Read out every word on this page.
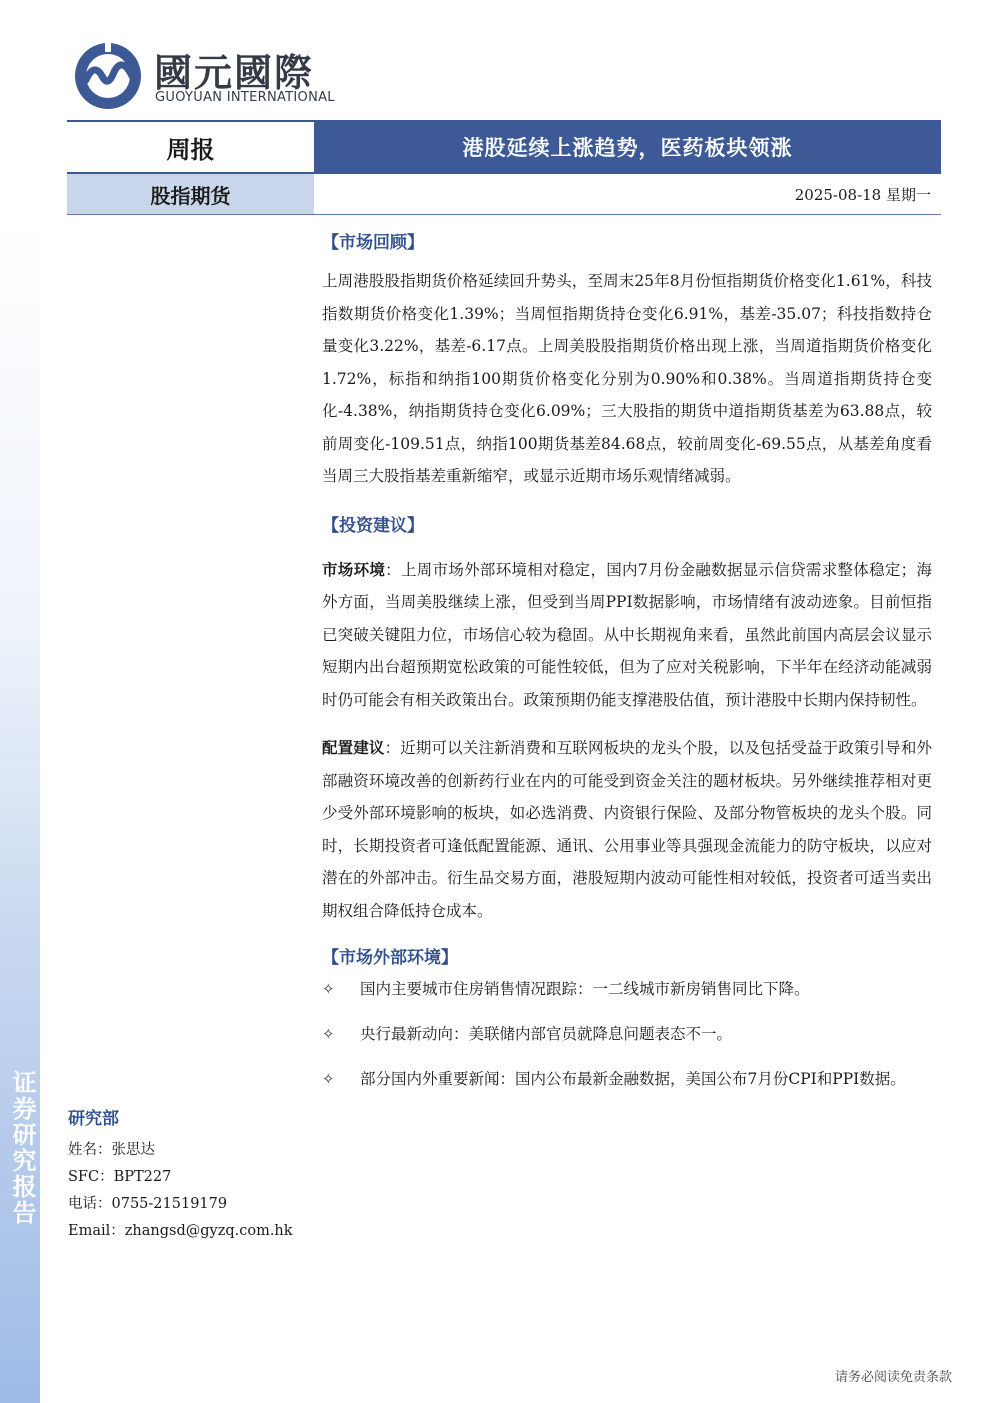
证券研究报告
國元國際
GUOYUAN INTERNATIONAL
周报	港股延续上涨趋势，医药板块领涨
股指期货	2025-08-18 星期一
【市场回顾】

上周港股股指期货价格延续回升势头，至周末25年8月份恒指期货价格变化1.61%，科技指数期货价格变化1.39%；当周恒指期货持仓变化6.91%，基差-35.07；科技指数持仓量变化3.22%，基差-6.17点。上周美股股指期货价格出现上涨，当周道指期货价格变化1.72%，标指和纳指100期货价格变化分别为0.90%和0.38%。当周道指期货持仓变化-4.38%，纳指期货持仓变化6.09%；三大股指的期货中道指期货基差为63.88点，较前周变化-109.51点，纳指100期货基差84.68点，较前周变化-69.55点，从基差角度看当周三大股指基差重新缩窄，或显示近期市场乐观情绪减弱。

【投资建议】

市场环境：上周市场外部环境相对稳定，国内7月份金融数据显示信贷需求整体稳定；海外方面，当周美股继续上涨，但受到当周PPI数据影响，市场情绪有波动迹象。目前恒指已突破关键阻力位，市场信心较为稳固。从中长期视角来看，虽然此前国内高层会议显示短期内出台超预期宽松政策的可能性较低，但为了应对关税影响，下半年在经济动能减弱时仍可能会有相关政策出台。政策预期仍能支撑港股估值，预计港股中长期内保持韧性。

配置建议：近期可以关注新消费和互联网板块的龙头个股，以及包括受益于政策引导和外部融资环境改善的创新药行业在内的可能受到资金关注的题材板块。另外继续推荐相对更少受外部环境影响的板块，如必选消费、内资银行保险、及部分物管板块的龙头个股。同时，长期投资者可逢低配置能源、通讯、公用事业等具强现金流能力的防守板块，以应对潜在的外部冲击。衍生品交易方面，港股短期内波动可能性相对较低，投资者可适当卖出期权组合降低持仓成本。

【市场外部环境】
✧	国内主要城市住房销售情况跟踪：一二线城市新房销售同比下降。
✧	央行最新动向：美联储内部官员就降息问题表态不一。
✧	部分国内外重要新闻：国内公布最新金融数据，美国公布7月份CPI和PPI数据。
研究部
姓名：张思达
SFC：BPT227
电话：0755-21519179
Email：zhangsd@gyzq.com.hk
请务必阅读免责条款
